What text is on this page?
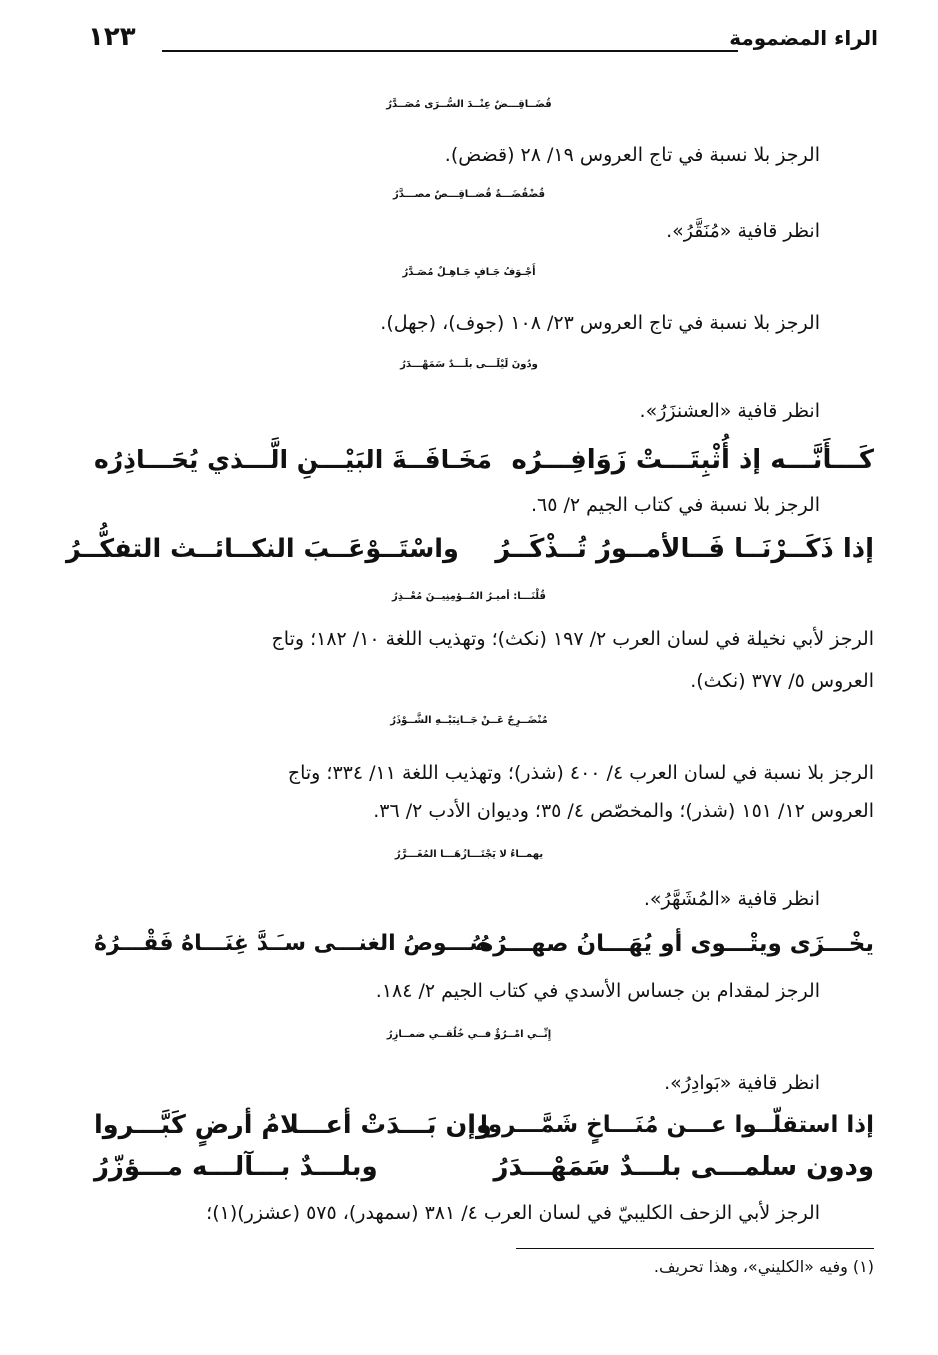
الراء المضمومة
١٢٣
قُضَــاقِـــضٌ عِنْــدَ السُّــرَى مُصَــدَّرُ
الرجز بلا نسبة في تاج العروس ١٩/ ٢٨ (قضض).
قُضْقُضَـــةٌ قُضــاقِـــصٌ مصـــدَّرُ
انظر قافية «مُنَقَّرُ».
أَجْـوَفُ جَـافٍ جَـاهِـلٌ مُصَـدَّرُ
الرجز بلا نسبة في تاج العروس ٢٣/ ١٠٨ (جوف)، (جهل).
ودُونَ لَيْلَـــى بلَـــدٌ سَمَهْـــدَرُ
انظر قافية «العشنزَرُ».
كَـــأَنَّـــه إذ أُثْبِتَـــتْ زَوَافِـــرُه
مَخَـافَــةَ البَيْـــنِ الَّـــذي يُحَـــاذِرُه
الرجز بلا نسبة في كتاب الجيم ٢/ ٦٥.
إذا ذَكَــرْنَــا فَــالأمــورُ تُــذْكَــرُ
واسْتَــوْعَــبَ النكــائــث التفكُّــرُ
قُلْنَـــا: أميـرُ المُــؤمِنِيــنَ مُعْــذِرُ
الرجز لأبي نخيلة في لسان العرب ٢/ ١٩٧ (نكث)؛ وتهذيب اللغة ١٠/ ١٨٢؛ وتاج
العروس ٥/ ٣٧٧ (نكث).
مُنْضَــرِجٌ عَــنْ جَــانِبَيْــهِ الشَّــوْذَرُ
الرجز بلا نسبة في لسان العرب ٤/ ٤٠٠ (شذر)؛ وتهذيب اللغة ١١/ ٣٣٤؛ وتاج
العروس ١٢/ ١٥١ (شذر)؛ والمخصّص ٤/ ٣٥؛ وديوان الأدب ٢/ ٣٦.
يهمــاءُ لا يَجْتَـــازُهَـــا المُغَـــرَّرُ
انظر قافية «المُشَهَّرُ».
يخْـــزَى ويتْـــوى أو يُهَـــانُ صهـــرُهُ
صُـــوصُ الغنـــى سـَـدَّ غِنَـــاهُ فَقْـــرُهُ
الرجز لمقدام بن جساس الأسدي في كتاب الجيم ٢/ ١٨٤.
إِنِّــي امْــرُؤٌ فــي خُلُقــي ضمــازِرُ
انظر قافية «بَوادِرُ».
إذا استقلّــوا عـــن مُنَـــاخٍ شَمَّـــروا
وإن بَـــدَتْ أعـــلامُ أرضٍ كَبَّـــروا
ودون سلمـــى بلـــدٌ سَمَهْـــدَرُ
وبلـــدٌ بـــآلـــه مـــؤزّرُ
الرجز لأبي الزحف الكليبيّ في لسان العرب ٤/ ٣٨١ (سمهدر)، ٥٧٥ (عشزر)(١)؛
(١) وفيه «الكليني»، وهذا تحريف.
